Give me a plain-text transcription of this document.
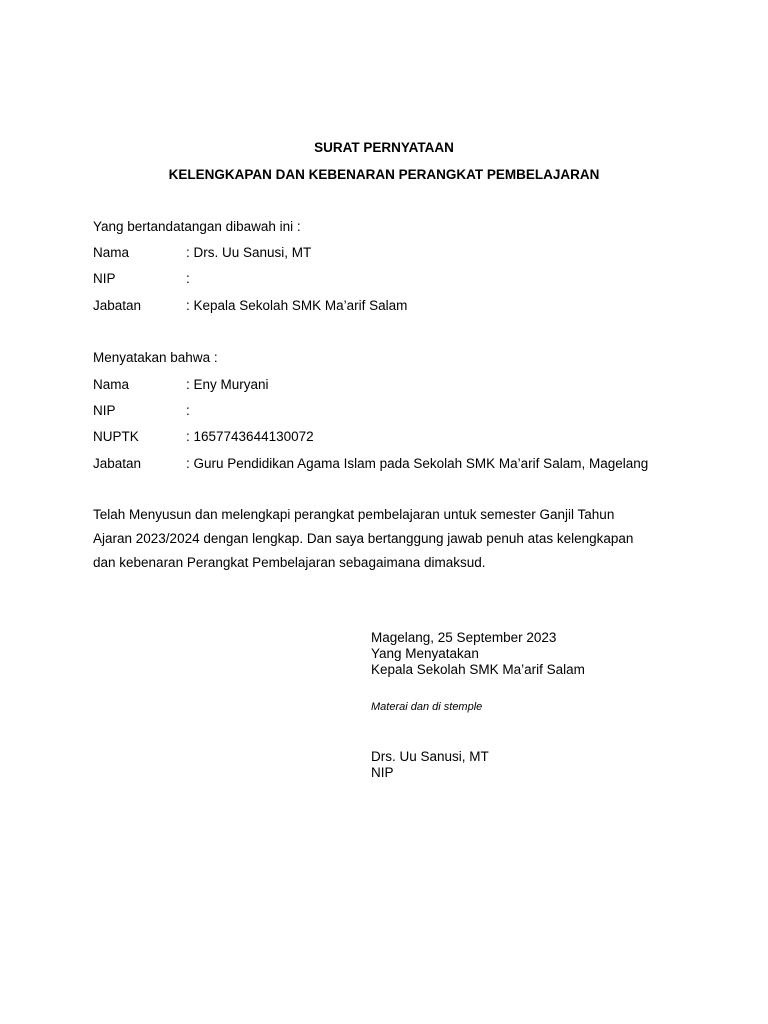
SURAT PERNYATAAN
KELENGKAPAN DAN KEBENARAN PERANGKAT PEMBELAJARAN
Yang bertandatangan dibawah ini :
Nama	: Drs. Uu Sanusi, MT
NIP	:
Jabatan	: Kepala Sekolah SMK Ma’arif Salam
Menyatakan bahwa :
Nama	: Eny Muryani
NIP	:
NUPTK	: 1657743644130072
Jabatan	: Guru Pendidikan Agama Islam pada Sekolah SMK Ma’arif Salam, Magelang
Telah Menyusun dan melengkapi perangkat pembelajaran untuk semester Ganjil Tahun
Ajaran 2023/2024 dengan lengkap. Dan saya bertanggung jawab penuh atas kelengkapan
dan kebenaran Perangkat Pembelajaran sebagaimana dimaksud.
Magelang, 25 September 2023
Yang Menyatakan
Kepala Sekolah SMK Ma’arif Salam
Materai dan di stemple
Drs. Uu Sanusi, MT
NIP
